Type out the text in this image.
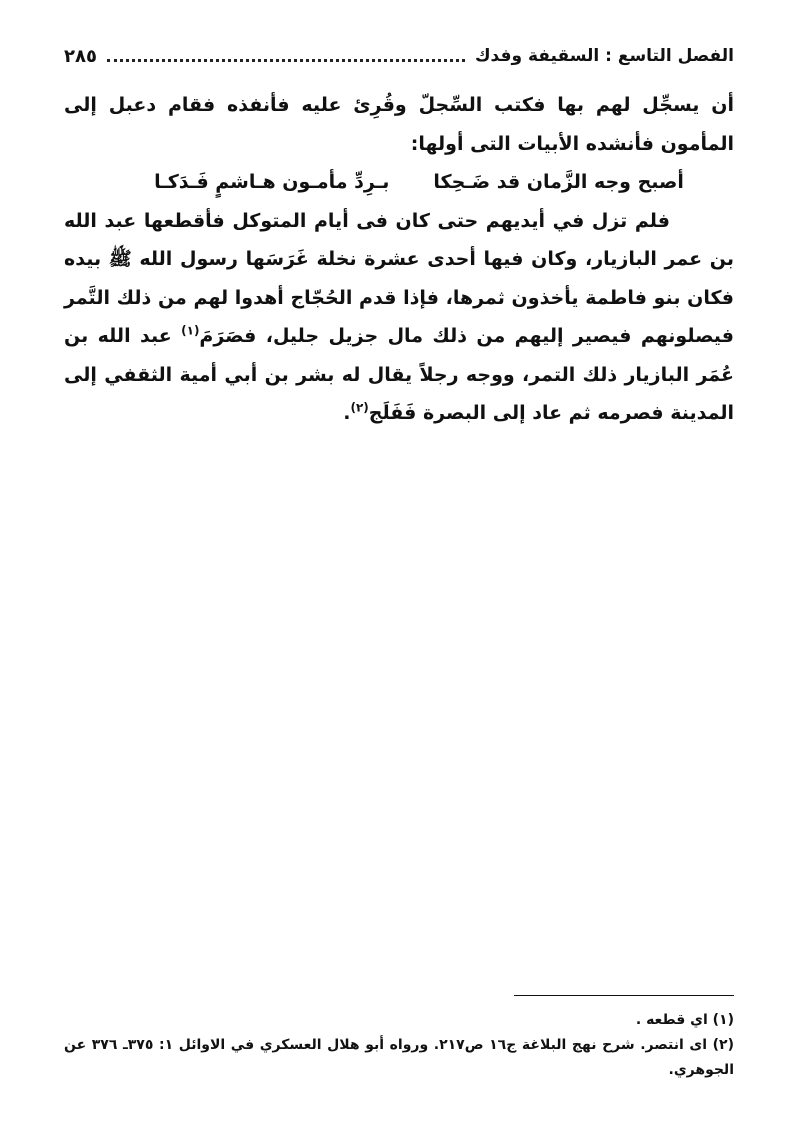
الفصل التاسع : السقيفة وفدك
٢٨٥

أن يسجِّل لهم بها فكتب السِّجلّ وقُرِئ عليه فأنفذه فقام دعبل إلى المأمون فأنشده الأبيات التى أولها:

أصبح وجه الزَّمان قد ضَـحِكا
بـرِدِّ مأمـون هـاشمٍ فَـدَكـا

فلم تزل في أيديهم حتى كان فى أيام المتوكل فأقطعها عبد الله بن عمر البازيار، وكان فيها أحدى عشرة نخلة غَرَسَها رسول الله ﷺ بيده فكان بنو فاطمة يأخذون ثمرها، فإذا قدم الحُجّاج أهدوا لهم من ذلك التَّمر فيصلونهم فيصير إليهم من ذلك مال جزيل جليل، فصَرَمَ$^{(١)}$ عبد الله بن عُمَر البازيار ذلك التمر، ووجه رجلاً يقال له بشر بن أبي أمية الثقفي إلى المدينة فصرمه ثم عاد إلى البصرة فَفَلَج$^{(٢)}$.

(١) اي قطعه .

(٢) اى انتصر. شرح نهج البلاغة ج١٦ ص٢١٧. ورواه أبو هلال العسكري في الاوائل ١: ٣٧٥ـ ٣٧٦ عن الجوهري.
